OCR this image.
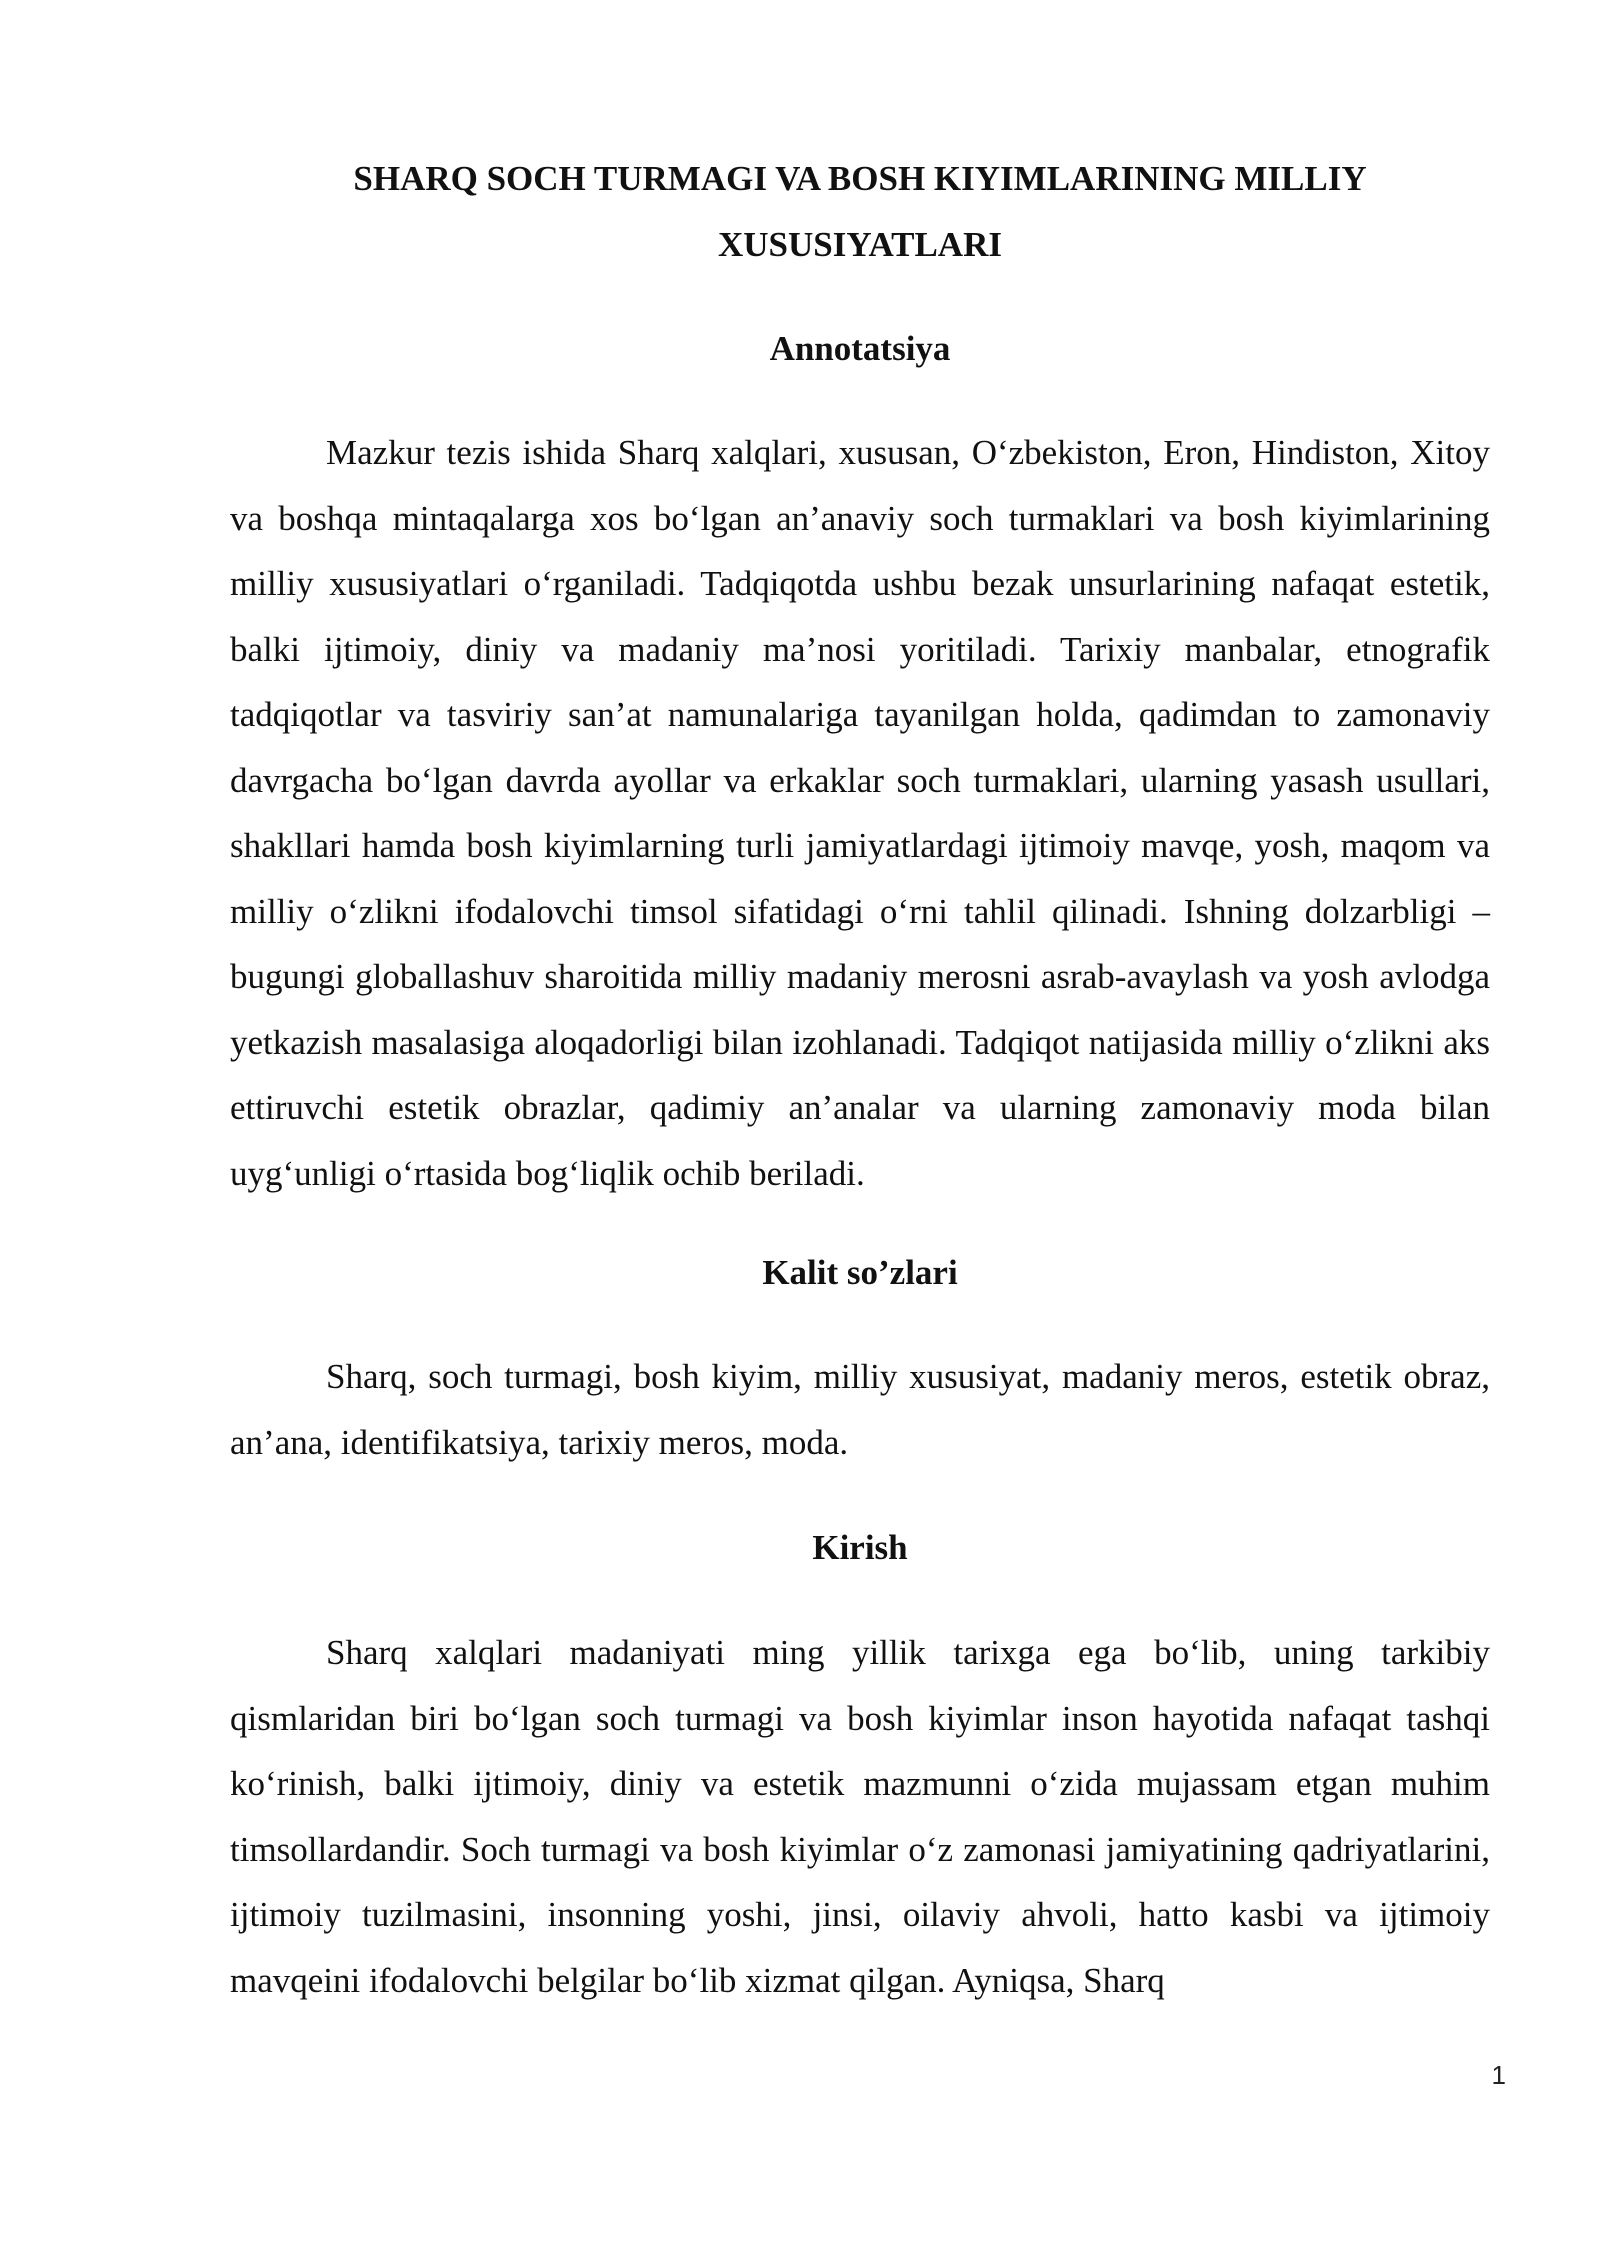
SHARQ SOCH TURMAGI VA BOSH KIYIMLARINING MILLIY XUSUSIYATLARI
Annotatsiya

Mazkur tezis ishida Sharq xalqlari, xususan, O‘zbekiston, Eron, Hindiston, Xitoy va boshqa mintaqalarga xos bo‘lgan an’anaviy soch turmaklari va bosh kiyimlarining milliy xususiyatlari o‘rganiladi. Tadqiqotda ushbu bezak unsurlarining nafaqat estetik, balki ijtimoiy, diniy va madaniy ma’nosi yoritiladi. Tarixiy manbalar, etnografik tadqiqotlar va tasviriy san’at namunalariga tayanilgan holda, qadimdan to zamonaviy davrgacha bo‘lgan davrda ayollar va erkaklar soch turmaklari, ularning yasash usullari, shakllari hamda bosh kiyimlarning turli jamiyatlardagi ijtimoiy mavqe, yosh, maqom va milliy o‘zlikni ifodalovchi timsol sifatidagi o‘rni tahlil qilinadi. Ishning dolzarbligi – bugungi globallashuv sharoitida milliy madaniy merosni asrab-avaylash va yosh avlodga yetkazish masalasiga aloqadorligi bilan izohlanadi. Tadqiqot natijasida milliy o‘zlikni aks ettiruvchi estetik obrazlar, qadimiy an’analar va ularning zamonaviy moda bilan uyg‘unligi o‘rtasida bog‘liqlik ochib beriladi.

Kalit so’zlari

Sharq, soch turmagi, bosh kiyim, milliy xususiyat, madaniy meros, estetik obraz, an’ana, identifikatsiya, tarixiy meros, moda.

Kirish

Sharq xalqlari madaniyati ming yillik tarixga ega bo‘lib, uning tarkibiy qismlaridan biri bo‘lgan soch turmagi va bosh kiyimlar inson hayotida nafaqat tashqi ko‘rinish, balki ijtimoiy, diniy va estetik mazmunni o‘zida mujassam etgan muhim timsollardandir. Soch turmagi va bosh kiyimlar o‘z zamonasi jamiyatining qadriyatlarini, ijtimoiy tuzilmasini, insonning yoshi, jinsi, oilaviy ahvoli, hatto kasbi va ijtimoiy mavqeini ifodalovchi belgilar bo‘lib xizmat qilgan. Ayniqsa, Sharq

1
